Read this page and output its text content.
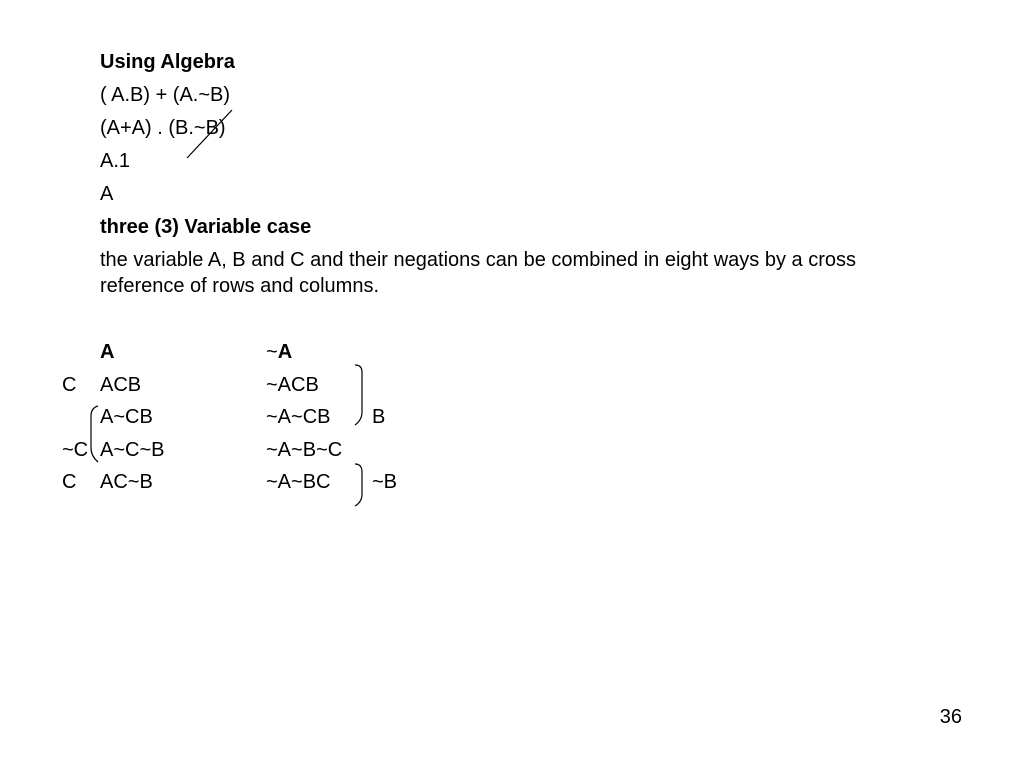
Using Algebra
( A.B) + (A.~B)
(A+A) . (B.~B)
A.1
A
three (3) Variable case
the variable A, B and C and their negations can be combined in eight ways by a cross reference of rows and columns.
A	~A
C ACB	~ACB
A~CB	~A~CB
~C A~C~B	~A~B~C
C AC~B	~A~BC
B
~B
36
